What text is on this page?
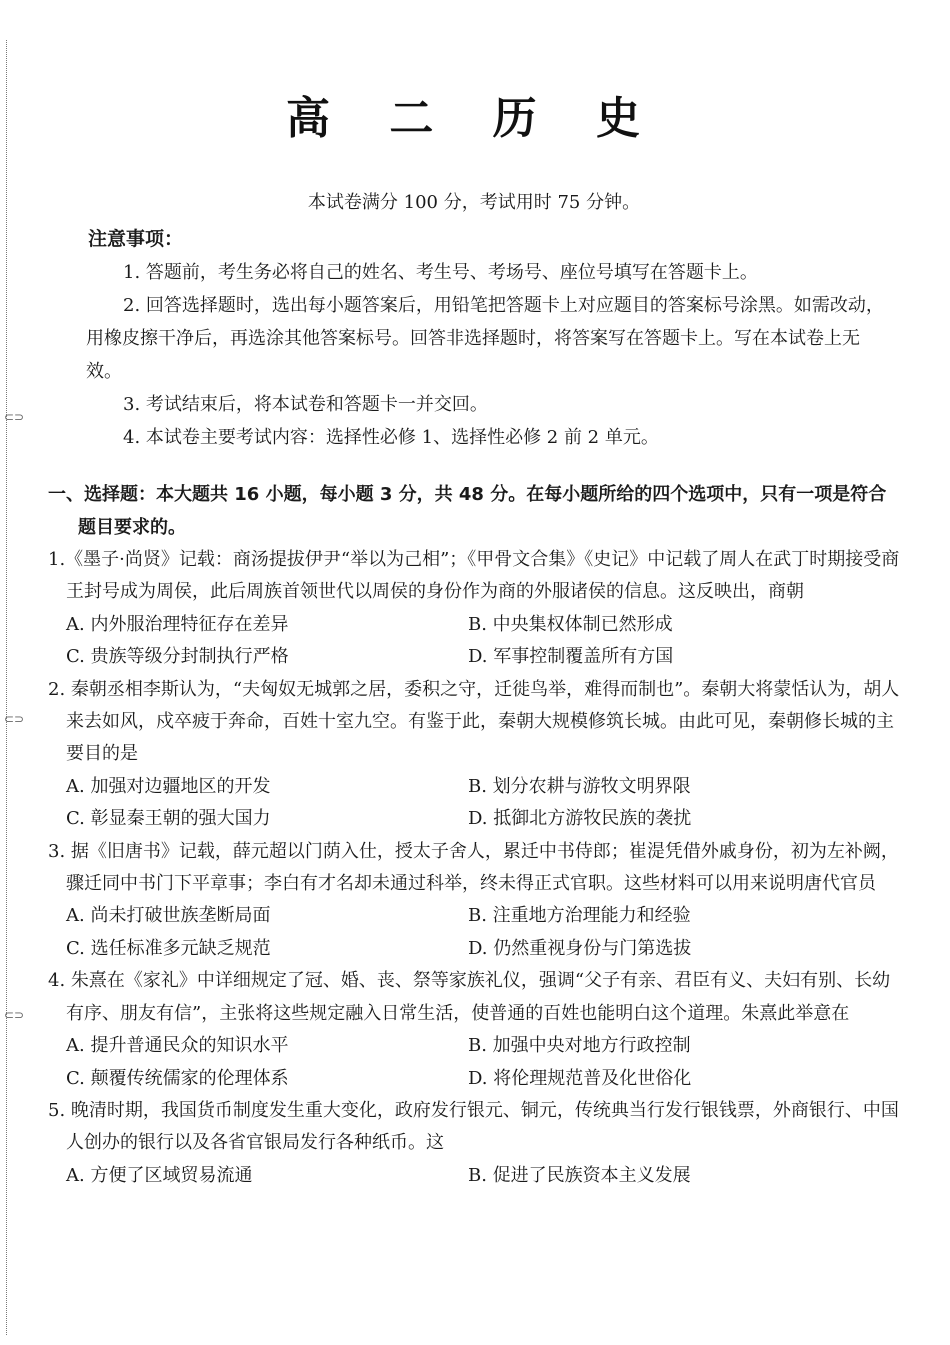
⊂⊃
⊂⊃
⊂⊃
高 二 历 史
本试卷满分 100 分，考试用时 75 分钟。
注意事项：

1. 答题前，考生务必将自己的姓名、考生号、考场号、座位号填写在答题卡上。

2. 回答选择题时，选出每小题答案后，用铅笔把答题卡上对应题目的答案标号涂黑。如需改动，用橡皮擦干净后，再选涂其他答案标号。回答非选择题时，将答案写在答题卡上。写在本试卷上无效。

3. 考试结束后，将本试卷和答题卡一并交回。

4. 本试卷主要考试内容：选择性必修 1、选择性必修 2 前 2 单元。

一、选择题：本大题共 16 小题，每小题 3 分，共 48 分。在每小题所给的四个选项中，只有一项是符合题目要求的。

1.《墨子·尚贤》记载：商汤提拔伊尹“举以为己相”；《甲骨文合集》《史记》中记载了周人在武丁时期接受商王封号成为周侯，此后周族首领世代以周侯的身份作为商的外服诸侯的信息。这反映出，商朝

A. 内外服治理特征存在差异	B. 中央集权体制已然形成
C. 贵族等级分封制执行严格	D. 军事控制覆盖所有方国

2. 秦朝丞相李斯认为，“夫匈奴无城郭之居，委积之守，迁徙鸟举，难得而制也”。秦朝大将蒙恬认为，胡人来去如风，戍卒疲于奔命，百姓十室九空。有鉴于此，秦朝大规模修筑长城。由此可见，秦朝修长城的主要目的是

A. 加强对边疆地区的开发	B. 划分农耕与游牧文明界限
C. 彰显秦王朝的强大国力	D. 抵御北方游牧民族的袭扰

3. 据《旧唐书》记载，薛元超以门荫入仕，授太子舍人，累迁中书侍郎；崔湜凭借外戚身份，初为左补阙，骤迁同中书门下平章事；李白有才名却未通过科举，终未得正式官职。这些材料可以用来说明唐代官员

A. 尚未打破世族垄断局面	B. 注重地方治理能力和经验
C. 选任标准多元缺乏规范	D. 仍然重视身份与门第选拔

4. 朱熹在《家礼》中详细规定了冠、婚、丧、祭等家族礼仪，强调“父子有亲、君臣有义、夫妇有别、长幼有序、朋友有信”，主张将这些规定融入日常生活，使普通的百姓也能明白这个道理。朱熹此举意在

A. 提升普通民众的知识水平	B. 加强中央对地方行政控制
C. 颠覆传统儒家的伦理体系	D. 将伦理规范普及化世俗化

5. 晚清时期，我国货币制度发生重大变化，政府发行银元、铜元，传统典当行发行银钱票，外商银行、中国人创办的银行以及各省官银局发行各种纸币。这

A. 方便了区域贸易流通	B. 促进了民族资本主义发展
